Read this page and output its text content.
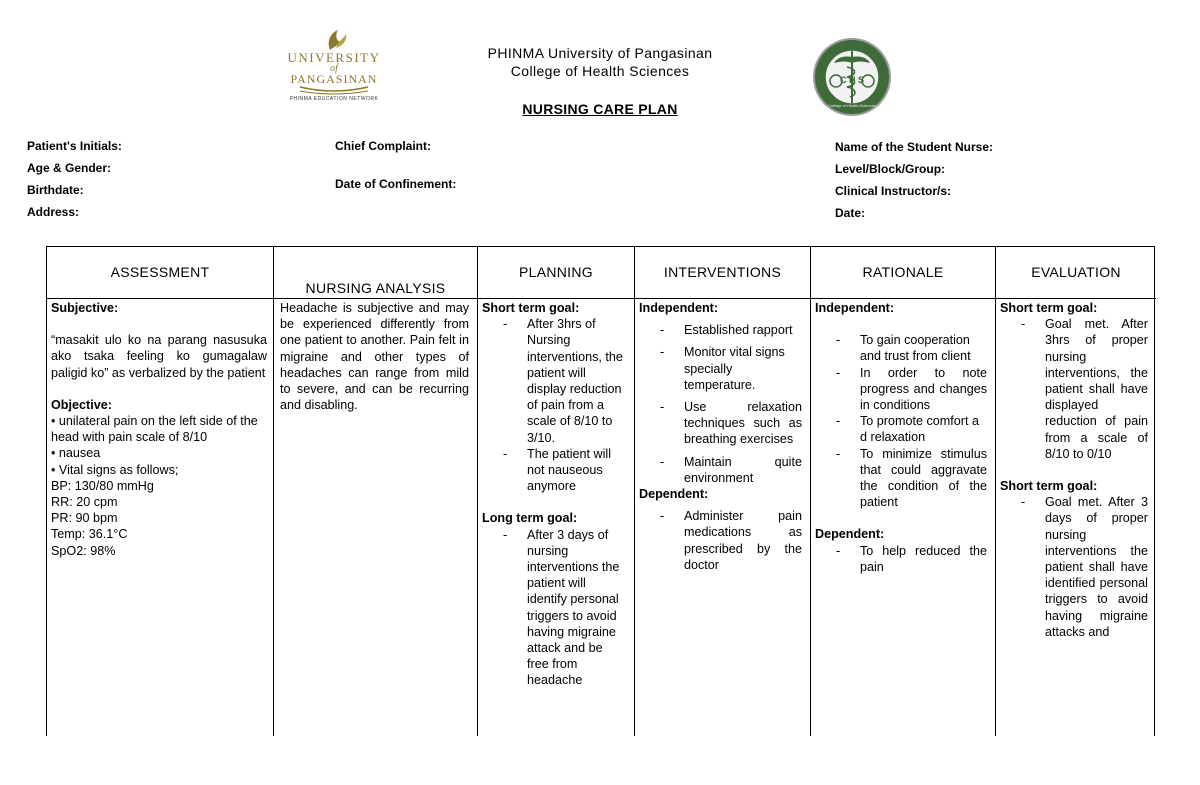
UNIVERSITY
of
PANGASINAN
PHINMA EDUCATION NETWORK
PHINMA University of Pangasinan
College of Health Sciences
NURSING CARE PLAN
C H S
College of Health Sciences
Patient's Initials:
Age & Gender:
Birthdate:
Address:
Chief Complaint:
Date of Confinement:
Name of the Student Nurse:
Level/Block/Group:
Clinical Instructor/s:
Date:
ASSESSMENT
Subjective:
“masakit ulo ko na parang nasusuka ako tsaka feeling ko gumagalaw paligid ko” as verbalized by the patient
Objective:
• unilateral pain on the left side of the head with pain scale of 8/10
• nausea
• Vital signs as follows;
BP: 130/80 mmHg
RR: 20 cpm
PR: 90 bpm
Temp: 36.1°C
SpO2: 98%
NURSING ANALYSIS
Headache is subjective and may be experienced differently from one patient to another. Pain felt in migraine and other types of headaches can range from mild to severe, and can be recurring and disabling.
PLANNING
Short term goal:
- After 3hrs of Nursing interventions, the patient will display reduction of pain from a scale of 8/10 to 3/10.
- The patient will not nauseous anymore
Long term goal:
- After 3 days of nursing interventions the patient will identify personal triggers to avoid having migraine attack and be free from headache
INTERVENTIONS
Independent:
- Established rapport
- Monitor vital signs specially temperature.
- Use relaxation techniques such as breathing exercises
- Maintain quite environment
Dependent:
- Administer pain medications as prescribed by the doctor
RATIONALE
Independent:
- To gain cooperation and trust from client
- In order to note progress and changes in conditions
- To promote comfort a d relaxation
- To minimize stimulus that could aggravate the condition of the patient
Dependent:
- To help reduced the pain
EVALUATION
Short term goal:
- Goal met. After 3hrs of proper nursing interventions, the patient shall have displayed reduction of pain from a scale of 8/10 to 0/10
Short term goal:
- Goal met. After 3 days of proper nursing interventions the patient shall have identified personal triggers to avoid having migraine attacks and
